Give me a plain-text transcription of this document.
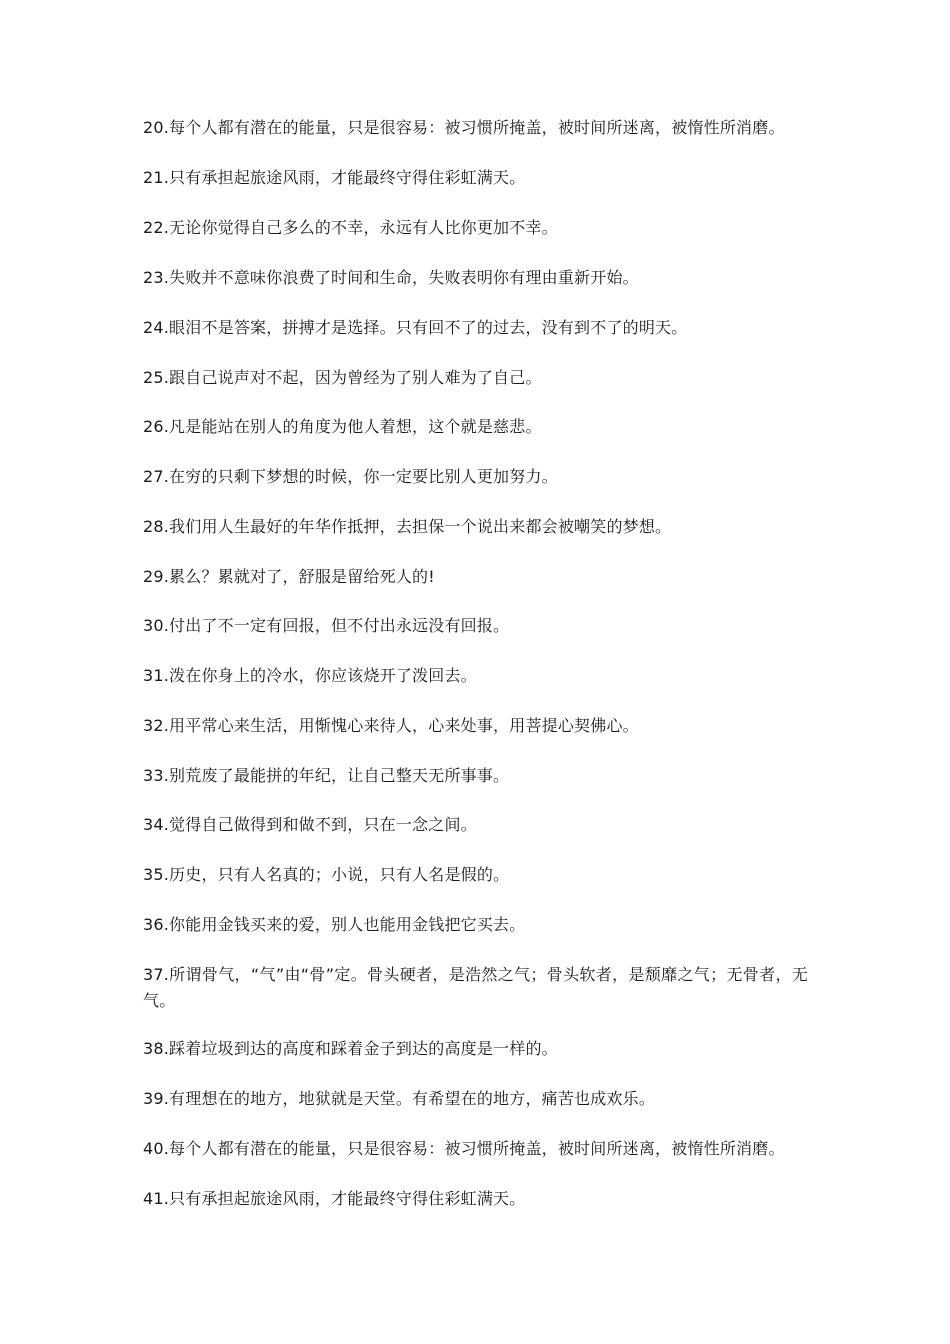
20.每个人都有潜在的能量，只是很容易：被习惯所掩盖，被时间所迷离，被惰性所消磨。

21.只有承担起旅途风雨，才能最终守得住彩虹满天。

22.无论你觉得自己多么的不幸，永远有人比你更加不幸。

23.失败并不意味你浪费了时间和生命，失败表明你有理由重新开始。

24.眼泪不是答案，拼搏才是选择。只有回不了的过去，没有到不了的明天。

25.跟自己说声对不起，因为曾经为了别人难为了自己。

26.凡是能站在别人的角度为他人着想，这个就是慈悲。

27.在穷的只剩下梦想的时候，你一定要比别人更加努力。

28.我们用人生最好的年华作抵押，去担保一个说出来都会被嘲笑的梦想。

29.累么？累就对了，舒服是留给死人的!

30.付出了不一定有回报，但不付出永远没有回报。

31.泼在你身上的冷水，你应该烧开了泼回去。

32.用平常心来生活，用惭愧心来待人，心来处事，用菩提心契佛心。

33.别荒废了最能拼的年纪，让自己整天无所事事。

34.觉得自己做得到和做不到，只在一念之间。

35.历史，只有人名真的；小说，只有人名是假的。

36.你能用金钱买来的爱，别人也能用金钱把它买去。

37.所谓骨气，“气”由“骨”定。骨头硬者，是浩然之气；骨头软者，是颓靡之气；无骨者，无气。

38.踩着垃圾到达的高度和踩着金子到达的高度是一样的。

39.有理想在的地方，地狱就是天堂。有希望在的地方，痛苦也成欢乐。

40.每个人都有潜在的能量，只是很容易：被习惯所掩盖，被时间所迷离，被惰性所消磨。

41.只有承担起旅途风雨，才能最终守得住彩虹满天。
